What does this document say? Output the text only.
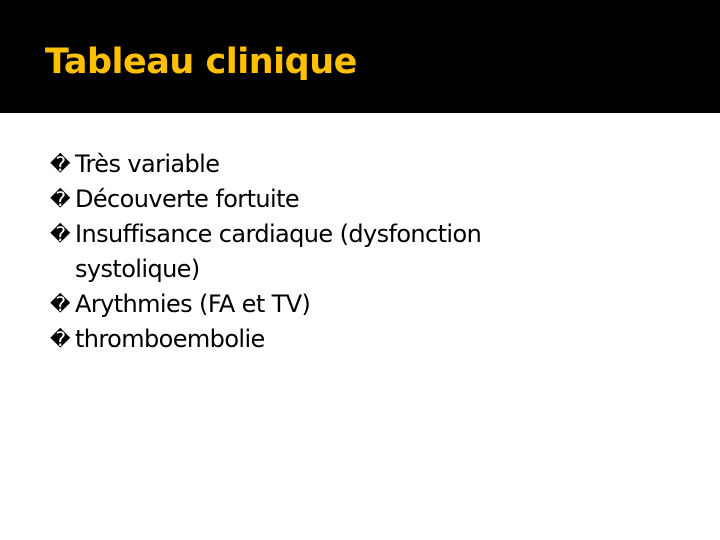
Tableau clinique
� Très variable
� Découverte fortuite
� Insuffisance cardiaque (dysfonction systolique)
� Arythmies (FA et TV)
� thromboembolie
